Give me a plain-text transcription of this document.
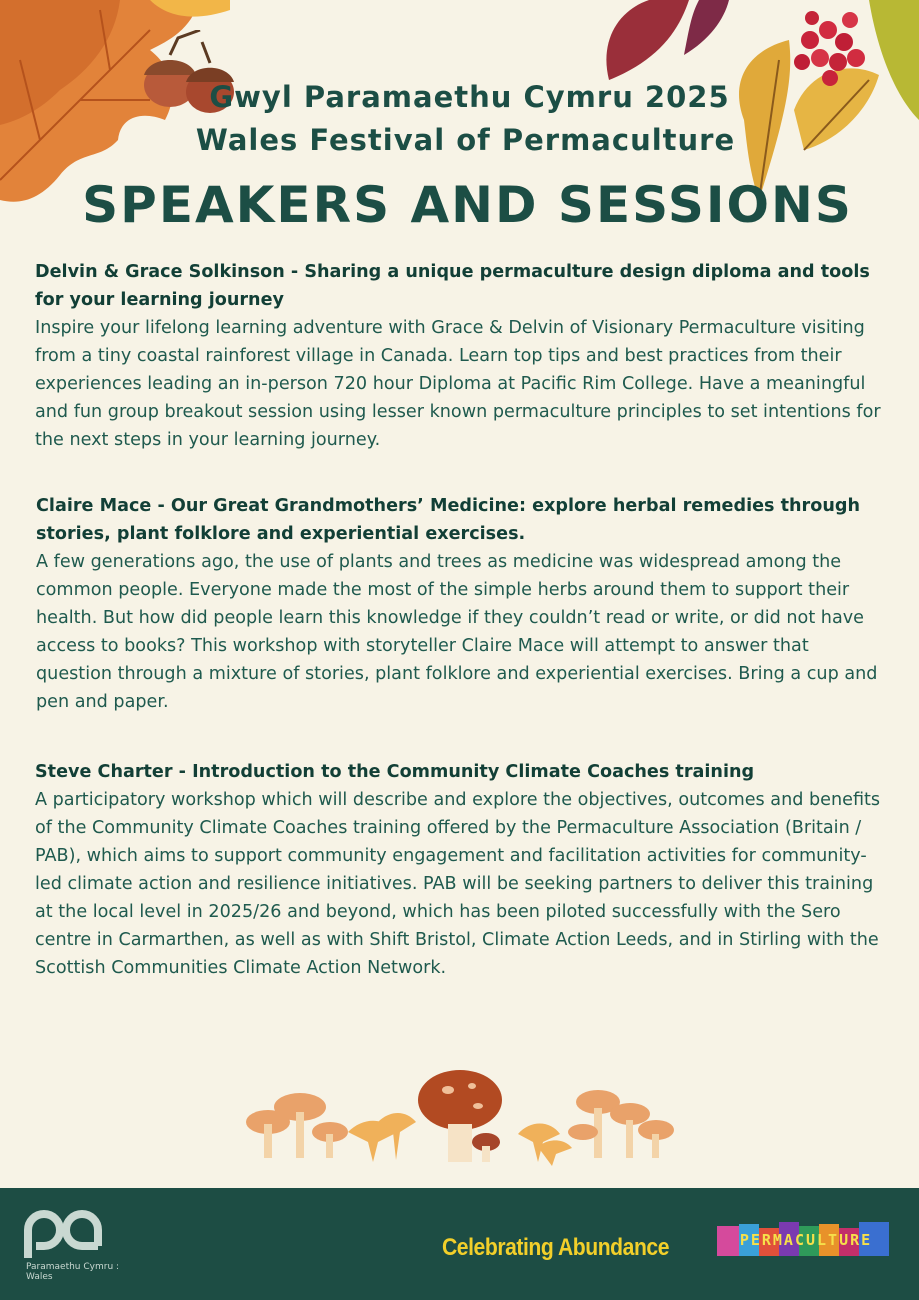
Gwyl Paramaethu Cymru 2025
Wales Festival of Permaculture
SPEAKERS AND SESSIONS
Delvin & Grace Solkinson - Sharing a unique permaculture design diploma and tools for your learning journey

Inspire your lifelong learning adventure with Grace & Delvin of Visionary Permaculture visiting from a tiny coastal rainforest village in Canada. Learn top tips and best practices from their experiences leading an in-person 720 hour Diploma at Pacific Rim College. Have a meaningful and fun group breakout session using lesser known permaculture principles to set intentions for the next steps in your learning journey.

Claire Mace - Our Great Grandmothers’ Medicine: explore herbal remedies through stories, plant folklore and experiential exercises.

A few generations ago, the use of plants and trees as medicine was widespread among the common people. Everyone made the most of the simple herbs around them to support their health. But how did people learn this knowledge if they couldn’t read or write, or did not have access to books? This workshop with storyteller Claire Mace will attempt to answer that question through a mixture of stories, plant folklore and experiential exercises. Bring a cup and pen and paper.

Steve Charter - Introduction to the Community Climate Coaches training

A participatory workshop which will describe and explore the objectives, outcomes and benefits of the Community Climate Coaches training offered by the Permaculture Association (Britain / PAB), which aims to support community engagement and facilitation activities for community-led climate action and resilience initiatives. PAB will be seeking partners to deliver this training at the local level in 2025/26 and beyond, which has been piloted successfully with the Sero centre in Carmarthen, as well as with Shift Bristol, Climate Action Leeds, and in Stirling with the Scottish Communities Climate Action Network.

Paramaethu Cymru : Wales
Celebrating Abundance	PERMACULTURE
